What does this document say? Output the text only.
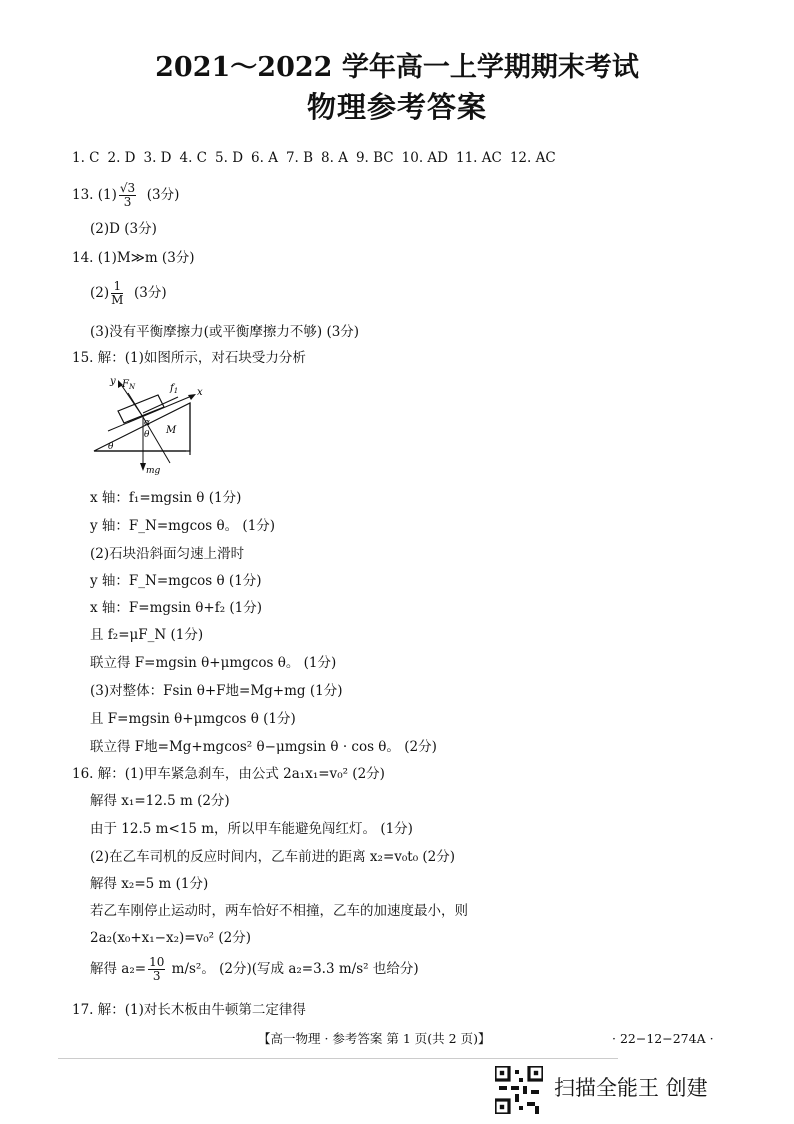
2021～2022 学年高一上学期期末考试
物理参考答案
1. C 2. D 3. D 4. C 5. D 6. A 7. B 8. A 9. BC 10. AD 11. AC 12. AC
13. $(1) \frac{√3}{3} (3$分)
(2)D (3分)
14. (1)M≫m (3分)
$(2) \frac{1}{M} (3$分)
(3)没有平衡摩擦力(或平衡摩擦力不够) (3分)
15. 解：(1)如图所示，对石块受力分析
y $F_N$	$f_1$ x
α
θ
θ
M
mg
x 轴：f₁=mgsin θ (1分)
y 轴：F_N=mgcos θ。 (1分)
(2)石块沿斜面匀速上滑时
y 轴：F_N=mgcos θ (1分)
x 轴：F=mgsin θ+f₂ (1分)
且 f₂=μF_N (1分)
联立得 F=mgsin θ+μmgcos θ。 (1分)
(3)对整体：Fsin θ+F地=Mg+mg (1分)
且 F=mgsin θ+μmgcos θ (1分)
联立得 F地=Mg+mgcos² θ−μmgsin θ · cos θ。 (2分)
16. 解：(1)甲车紧急刹车，由公式 2a₁x₁=v₀² (2分)
解得 x₁=12.5 m (2分)
由于 12.5 m<15 m，所以甲车能避免闯红灯。 (1分)
(2)在乙车司机的反应时间内，乙车前进的距离 x₂=v₀t₀ (2分)
解得 x₂=5 m (1分)
若乙车刚停止运动时，两车恰好不相撞，乙车的加速度最小，则
2a₂(x₀+x₁−x₂)=v₀² (2分)
解得 $a_2= \frac{10}{3} m/s^2$。 (2分)(写成 a₂=3.3 m/s² 也给分)
17. 解：(1)对长木板由牛顿第二定律得
【高一物理 · 参考答案 第 1 页(共 2 页)】	· 22−12−274A ·
扫描全能王 创建
